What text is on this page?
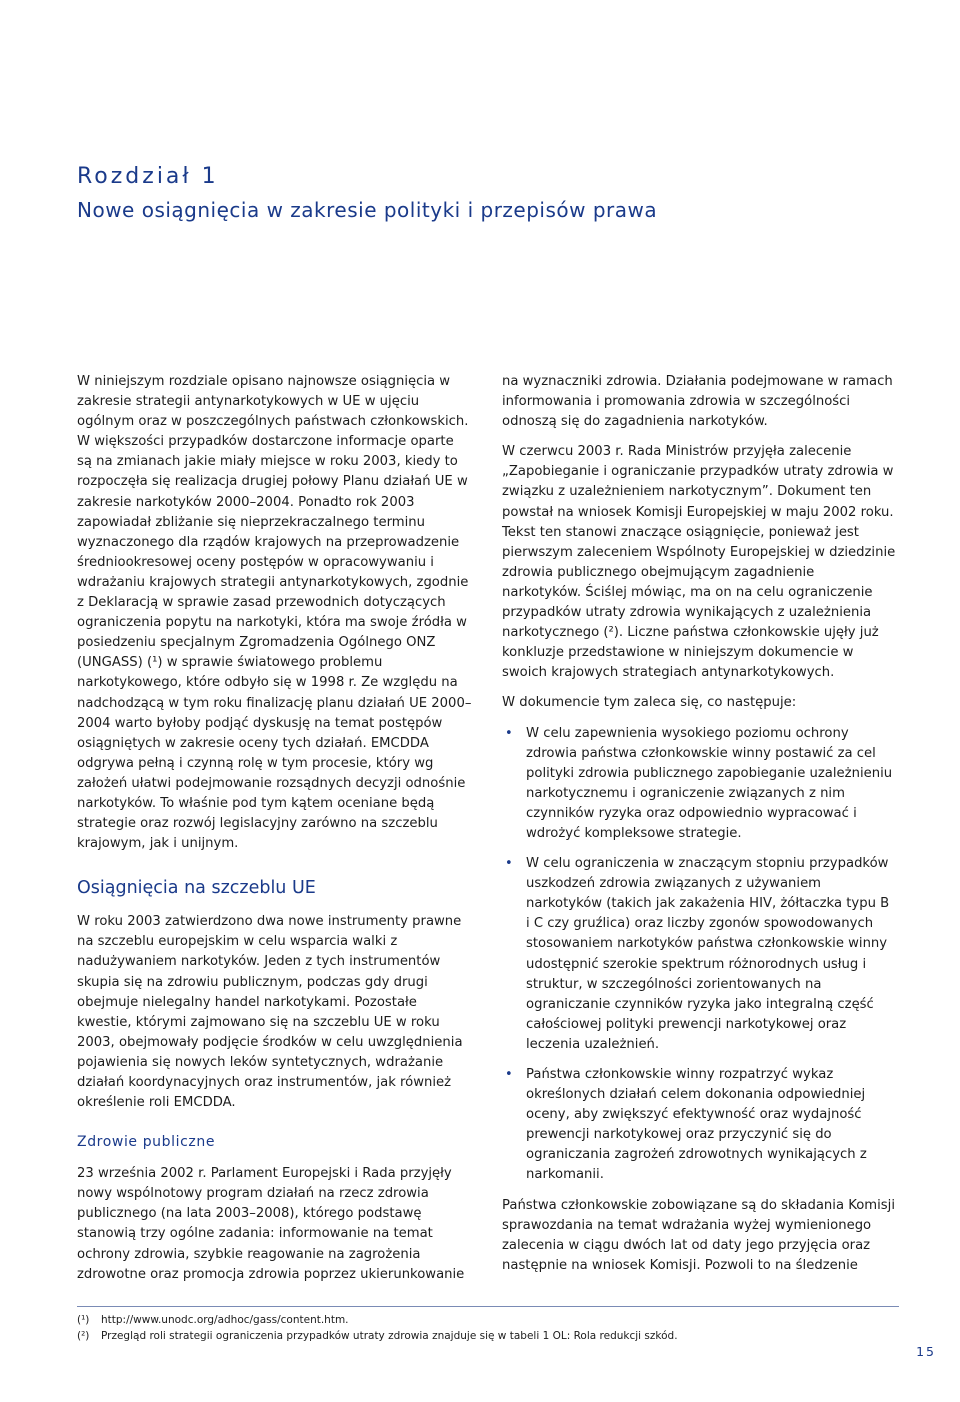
Rozdział 1
Nowe osiągnięcia w zakresie polityki i przepisów prawa

W niniejszym rozdziale opisano najnowsze osiągnięcia w zakresie strategii antynarkotykowych w UE w ujęciu ogólnym oraz w poszczególnych państwach członkowskich. W większości przypadków dostarczone informacje oparte są na zmianach jakie miały miejsce w roku 2003, kiedy to rozpoczęła się realizacja drugiej połowy Planu działań UE w zakresie narkotyków 2000–2004. Ponadto rok 2003 zapowiadał zbliżanie się nieprzekraczalnego terminu wyznaczonego dla rządów krajowych na przeprowadzenie średniookresowej oceny postępów w opracowywaniu i wdrażaniu krajowych strategii antynarkotykowych, zgodnie z Deklaracją w sprawie zasad przewodnich dotyczących ograniczenia popytu na narkotyki, która ma swoje źródła w posiedzeniu specjalnym Zgromadzenia Ogólnego ONZ (UNGASS) (¹) w sprawie światowego problemu narkotykowego, które odbyło się w 1998 r. Ze względu na nadchodzącą w tym roku finalizację planu działań UE 2000–2004 warto byłoby podjąć dyskusję na temat postępów osiągniętych w zakresie oceny tych działań. EMCDDA odgrywa pełną i czynną rolę w tym procesie, który wg założeń ułatwi podejmowanie rozsądnych decyzji odnośnie narkotyków. To właśnie pod tym kątem oceniane będą strategie oraz rozwój legislacyjny zarówno na szczeblu krajowym, jak i unijnym.

Osiągnięcia na szczeblu UE

W roku 2003 zatwierdzono dwa nowe instrumenty prawne na szczeblu europejskim w celu wsparcia walki z nadużywaniem narkotyków. Jeden z tych instrumentów skupia się na zdrowiu publicznym, podczas gdy drugi obejmuje nielegalny handel narkotykami. Pozostałe kwestie, którymi zajmowano się na szczeblu UE w roku 2003, obejmowały podjęcie środków w celu uwzględnienia pojawienia się nowych leków syntetycznych, wdrażanie działań koordynacyjnych oraz instrumentów, jak również określenie roli EMCDDA.

Zdrowie publiczne

23 września 2002 r. Parlament Europejski i Rada przyjęły nowy wspólnotowy program działań na rzecz zdrowia publicznego (na lata 2003–2008), którego podstawę stanowią trzy ogólne zadania: informowanie na temat ochrony zdrowia, szybkie reagowanie na zagrożenia zdrowotne oraz promocja zdrowia poprzez ukierunkowanie

na wyznaczniki zdrowia. Działania podejmowane w ramach informowania i promowania zdrowia w szczególności odnoszą się do zagadnienia narkotyków.

W czerwcu 2003 r. Rada Ministrów przyjęła zalecenie „Zapobieganie i ograniczanie przypadków utraty zdrowia w związku z uzależnieniem narkotycznym”. Dokument ten powstał na wniosek Komisji Europejskiej w maju 2002 roku. Tekst ten stanowi znaczące osiągnięcie, ponieważ jest pierwszym zaleceniem Wspólnoty Europejskiej w dziedzinie zdrowia publicznego obejmującym zagadnienie narkotyków. Ściślej mówiąc, ma on na celu ograniczenie przypadków utraty zdrowia wynikających z uzależnienia narkotycznego (²). Liczne państwa członkowskie ujęły już konkluzje przedstawione w niniejszym dokumencie w swoich krajowych strategiach antynarkotykowych.

W dokumencie tym zaleca się, co następuje:

• W celu zapewnienia wysokiego poziomu ochrony zdrowia państwa członkowskie winny postawić za cel polityki zdrowia publicznego zapobieganie uzależnieniu narkotycznemu i ograniczenie związanych z nim czynników ryzyka oraz odpowiednio wypracować i wdrożyć kompleksowe strategie.
• W celu ograniczenia w znaczącym stopniu przypadków uszkodzeń zdrowia związanych z używaniem narkotyków (takich jak zakażenia HIV, żółtaczka typu B i C czy gruźlica) oraz liczby zgonów spowodowanych stosowaniem narkotyków państwa członkowskie winny udostępnić szerokie spektrum różnorodnych usług i struktur, w szczególności zorientowanych na ograniczanie czynników ryzyka jako integralną część całościowej polityki prewencji narkotykowej oraz leczenia uzależnień.
• Państwa członkowskie winny rozpatrzyć wykaz określonych działań celem dokonania odpowiedniej oceny, aby zwiększyć efektywność oraz wydajność prewencji narkotykowej oraz przyczynić się do ograniczania zagrożeń zdrowotnych wynikających z narkomanii.

Państwa członkowskie zobowiązane są do składania Komisji sprawozdania na temat wdrażania wyżej wymienionego zalecenia w ciągu dwóch lat od daty jego przyjęcia oraz następnie na wniosek Komisji. Pozwoli to na śledzenie

(¹)	http://www.unodc.org/adhoc/gass/content.htm.
(²)	Przegląd roli strategii ograniczenia przypadków utraty zdrowia znajduje się w tabeli 1 OL: Rola redukcji szkód.
15
